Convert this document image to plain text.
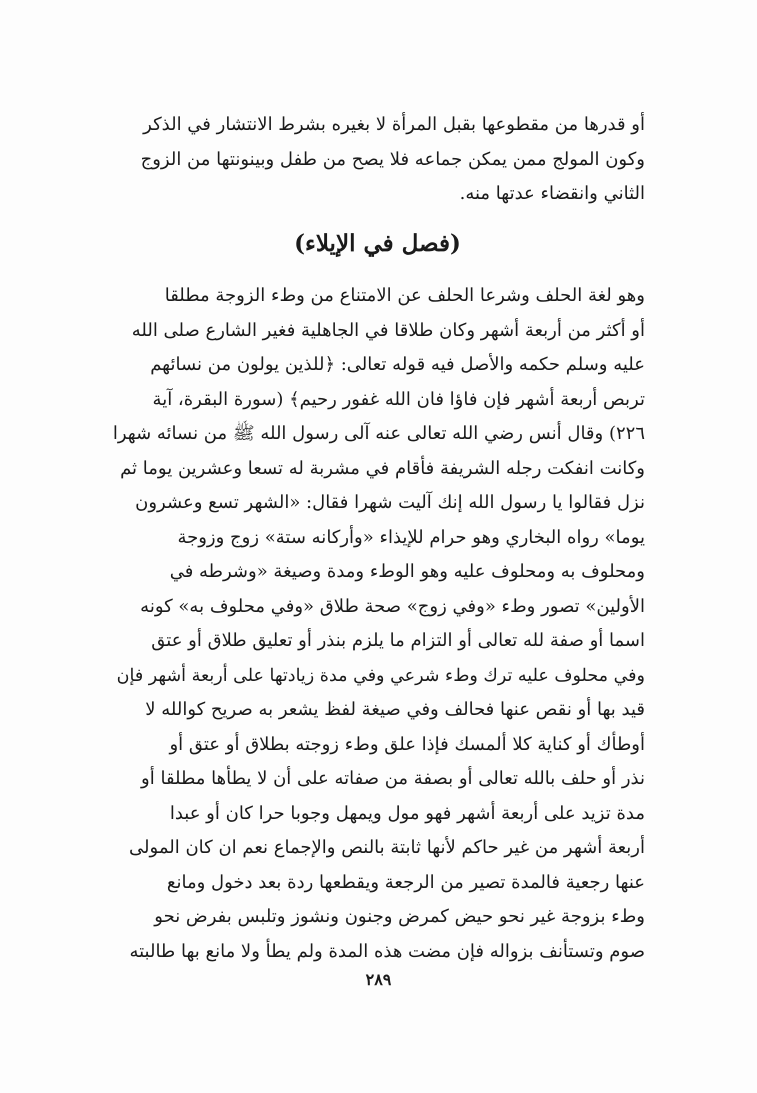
أو قدرها من مقطوعها بقبل المرأة لا بغيره بشرط الانتشار في الذكر
وكون المولج ممن يمكن جماعه فلا يصح من طفل وبينونتها من الزوج
الثاني وانقضاء عدتها منه.
(فصل في الإيلاء)
وهو لغة الحلف وشرعا الحلف عن الامتناع من وطء الزوجة مطلقا
أو أكثر من أربعة أشهر وكان طلاقا في الجاهلية فغير الشارع صلى الله
عليه وسلم حكمه والأصل فيه قوله تعالى: ﴿للذين يولون من نسائهم
تربص أربعة أشهر فإن فاؤا فان الله غفور رحيم﴾ (سورة البقرة، آية
٢٢٦) وقال أنس رضي الله تعالى عنه آلى رسول الله ﷺ من نسائه شهرا
وكانت انفكت رجله الشريفة فأقام في مشربة له تسعا وعشرين يوما ثم
نزل فقالوا يا رسول الله إنك آليت شهرا فقال: «الشهر تسع وعشرون
يوما» رواه البخاري وهو حرام للإيذاء «وأركانه ستة» زوج وزوجة
ومحلوف به ومحلوف عليه وهو الوطء ومدة وصيغة «وشرطه في
الأولين» تصور وطء «وفي زوج» صحة طلاق «وفي محلوف به» كونه
اسما أو صفة لله تعالى أو التزام ما يلزم بنذر أو تعليق طلاق أو عتق
وفي محلوف عليه ترك وطء شرعي وفي مدة زيادتها على أربعة أشهر فإن
قيد بها أو نقص عنها فحالف وفي صيغة لفظ يشعر به صريح كوالله لا
أوطأك أو كناية كلا ألمسك فإذا علق وطء زوجته بطلاق أو عتق أو
نذر أو حلف بالله تعالى أو بصفة من صفاته على أن لا يطأها مطلقا أو
مدة تزيد على أربعة أشهر فهو مول ويمهل وجوبا حرا كان أو عبدا
أربعة أشهر من غير حاكم لأنها ثابتة بالنص والإجماع نعم ان كان المولى
عنها رجعية فالمدة تصير من الرجعة ويقطعها ردة بعد دخول ومانع
وطء بزوجة غير نحو حيض كمرض وجنون ونشوز وتلبس بفرض نحو
صوم وتستأنف بزواله فإن مضت هذه المدة ولم يطأ ولا مانع بها طالبته
٢٨٩
